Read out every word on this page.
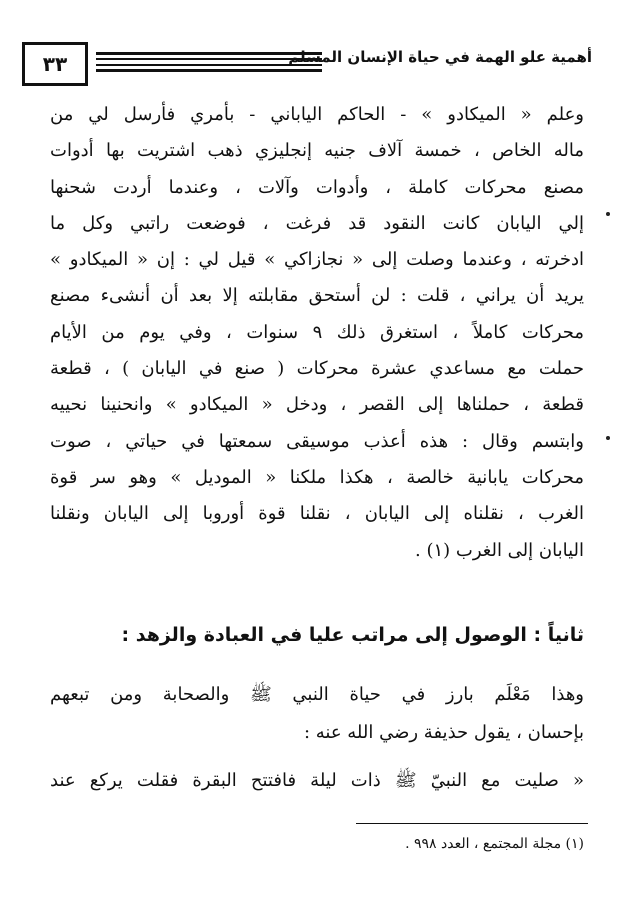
٣٣	أهمية علو الهمة في حياة الإنسان المسلم
وعلم « الميكادو » - الحاكم الياباني - بأمري فأرسل لي من
ماله الخاص ، خمسة آلاف جنيه إنجليزي ذهب اشتريت بها أدوات
مصنع محركات كاملة ، وأدوات وآلات ، وعندما أردت شحنها
إلي اليابان كانت النقود قد فرغت ، فوضعت راتبي وكل ما
ادخرته ، وعندما وصلت إلى « نجازاكي » قيل لي : إن « الميكادو »
يريد أن يراني ، قلت : لن أستحق مقابلته إلا بعد أن أنشىء مصنع
محركات كاملاً ، استغرق ذلك ٩ سنوات ، وفي يوم من الأيام
حملت مع مساعدي عشرة محركات ( صنع في اليابان ) ، قطعة
قطعة ، حملناها إلى القصر ، ودخل « الميكادو » وانحنينا نحييه
وابتسم وقال : هذه أعذب موسيقى سمعتها في حياتي ، صوت
محركات يابانية خالصة ، هكذا ملكنا « الموديل » وهو سر قوة
الغرب ، نقلناه إلى اليابان ، نقلنا قوة أوروبا إلى اليابان ونقلنا
اليابان إلى الغرب (١) .
ثانياً : الوصول إلى مراتب عليا في العبادة والزهد :
وهذا مَعْلَم بارز في حياة النبي ﷺ والصحابة ومن تبعهم
بإحسان ، يقول حذيفة رضي الله عنه :
« صليت مع النبيّ ﷺ ذات ليلة فافتتح البقرة فقلت يركع عند
(١) مجلة المجتمع ، العدد ٩٩٨ .
